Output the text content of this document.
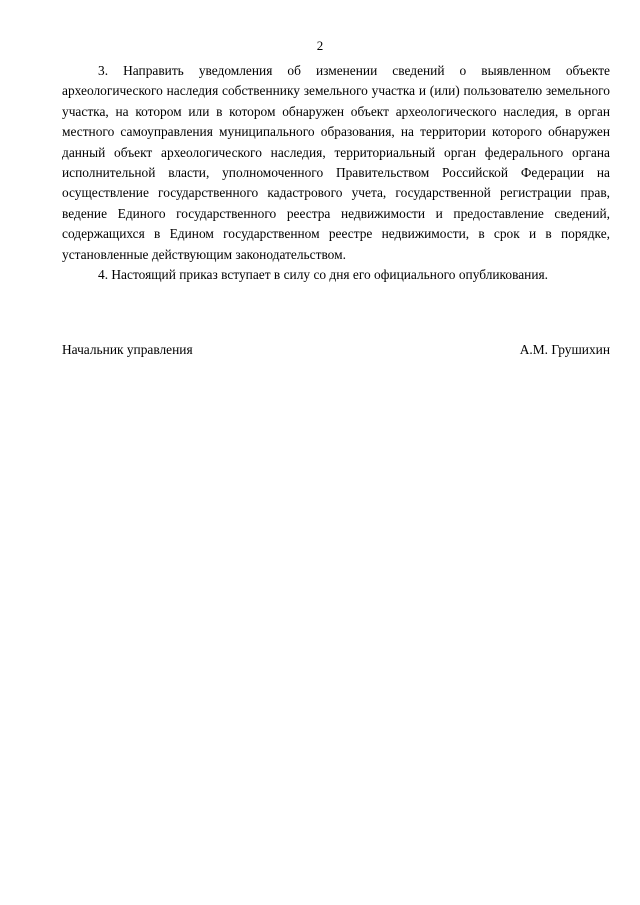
2

3. Направить уведомления об изменении сведений о выявленном объекте археологического наследия собственнику земельного участка и (или) пользователю земельного участка, на котором или в котором обнаружен объект археологического наследия, в орган местного самоуправления муниципального образования, на территории которого обнаружен данный объект археологического наследия, территориальный орган федерального органа исполнительной власти, уполномоченного Правительством Российской Федерации на осуществление государственного кадастрового учета, государственной регистрации прав, ведение Единого государственного реестра недвижимости и предоставление сведений, содержащихся в Едином государственном реестре недвижимости, в срок и в порядке, установленные действующим законодательством.

4. Настоящий приказ вступает в силу со дня его официального опубликования.

Начальник управления	А.М. Грушихин
